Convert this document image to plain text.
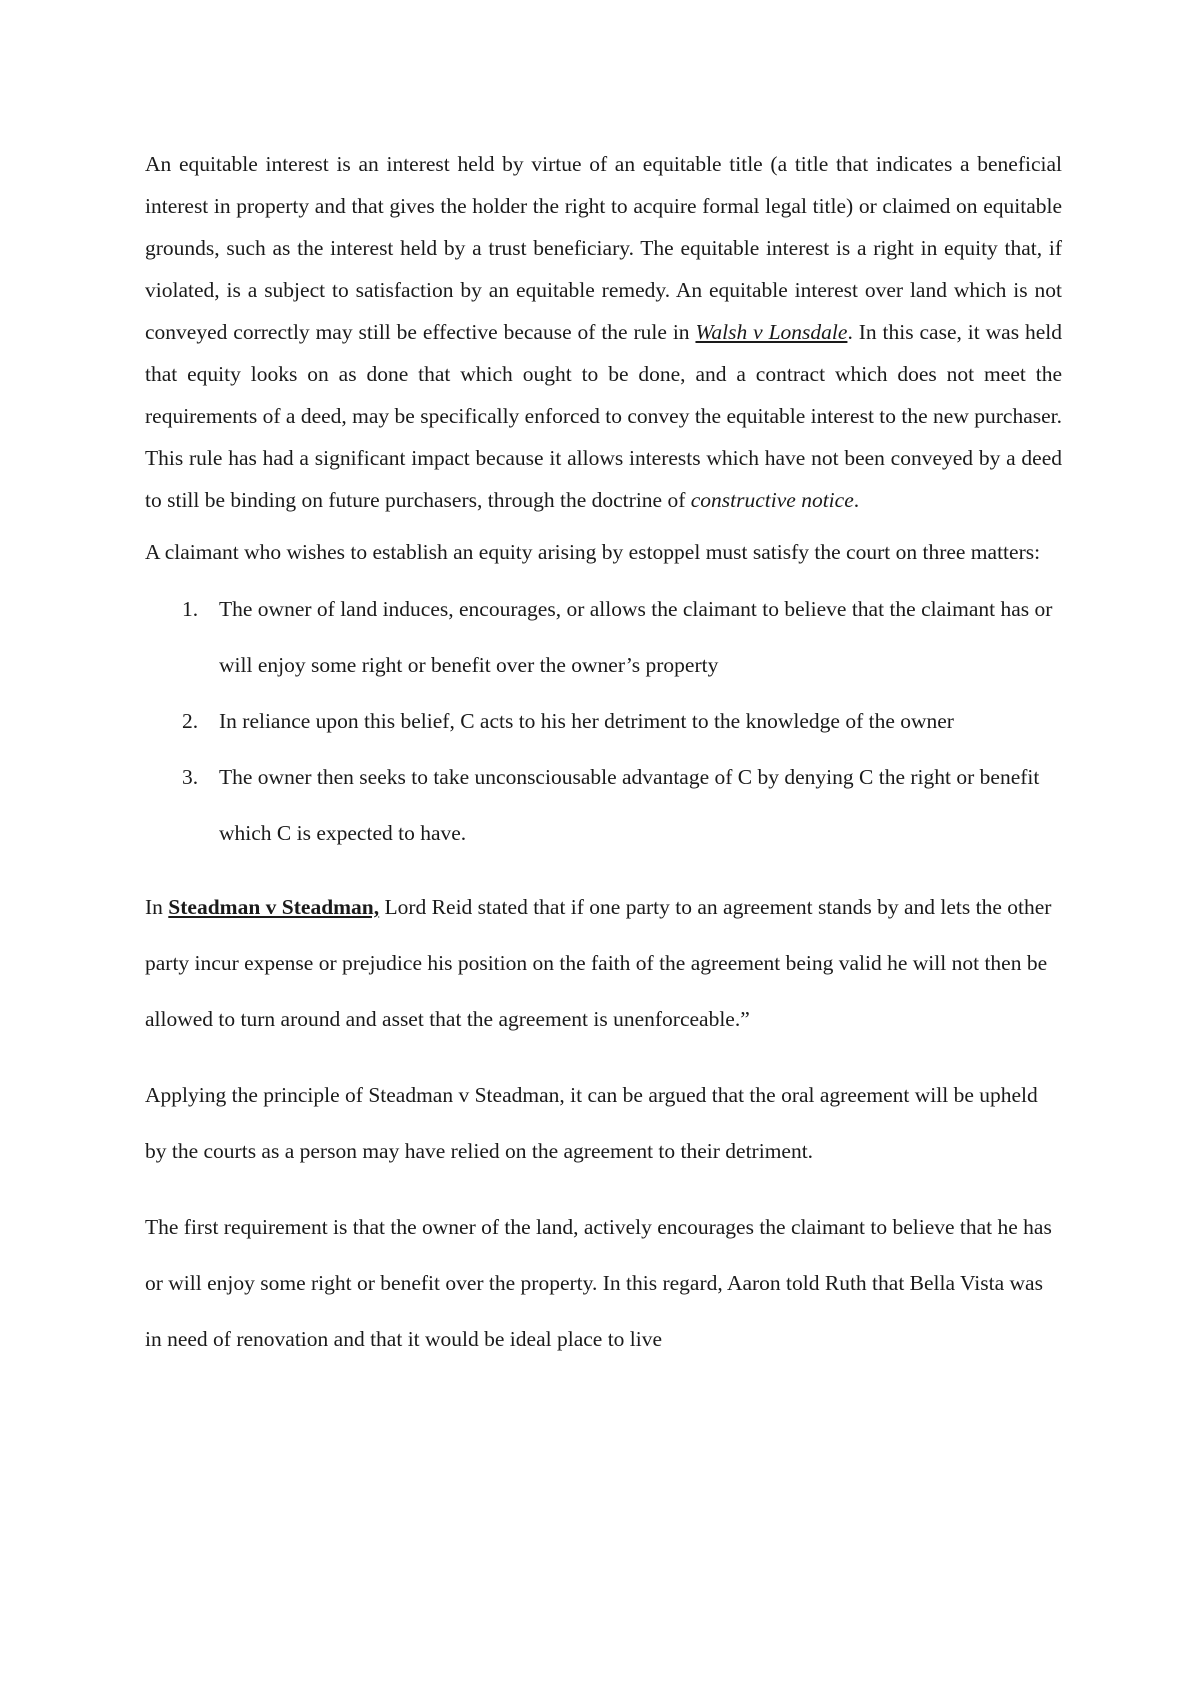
An equitable interest is an interest held by virtue of an equitable title (a title that indicates a beneficial interest in property and that gives the holder the right to acquire formal legal title) or claimed on equitable grounds, such as the interest held by a trust beneficiary. The equitable interest is a right in equity that, if violated, is a subject to satisfaction by an equitable remedy. An equitable interest over land which is not conveyed correctly may still be effective because of the rule in Walsh v Lonsdale. In this case, it was held that equity looks on as done that which ought to be done, and a contract which does not meet the requirements of a deed, may be specifically enforced to convey the equitable interest to the new purchaser. This rule has had a significant impact because it allows interests which have not been conveyed by a deed to still be binding on future purchasers, through the doctrine of constructive notice.

A claimant who wishes to establish an equity arising by estoppel must satisfy the court on three matters:

1. The owner of land induces, encourages, or allows the claimant to believe that the claimant has or will enjoy some right or benefit over the owner’s property
2. In reliance upon this belief, C acts to his her detriment to the knowledge of the owner
3. The owner then seeks to take unconsciousable advantage of C by denying C the right or benefit which C is expected to have.

In Steadman v Steadman, Lord Reid stated that if one party to an agreement stands by and lets the other party incur expense or prejudice his position on the faith of the agreement being valid he will not then be allowed to turn around and asset that the agreement is unenforceable.”

Applying the principle of Steadman v Steadman, it can be argued that the oral agreement will be upheld by the courts as a person may have relied on the agreement to their detriment.

The first requirement is that the owner of the land, actively encourages the claimant to believe that he has or will enjoy some right or benefit over the property. In this regard, Aaron told Ruth that Bella Vista was in need of renovation and that it would be ideal place to live
